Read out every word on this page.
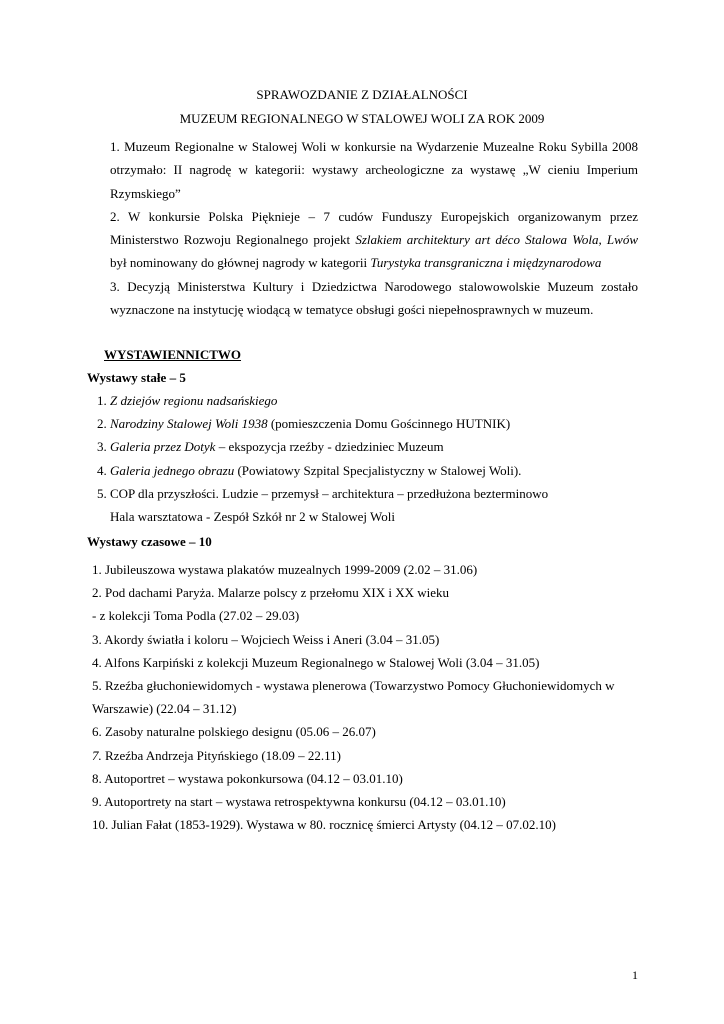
SPRAWOZDANIE Z DZIAŁALNOŚCI
MUZEUM REGIONALNEGO W STALOWEJ WOLI ZA ROK 2009

1. Muzeum Regionalne w Stalowej Woli w konkursie na Wydarzenie Muzealne Roku Sybilla 2008 otrzymało: II nagrodę w kategorii: wystawy archeologiczne za wystawę „W cieniu Imperium Rzymskiego”

2. W konkursie Polska Pięknieje – 7 cudów Funduszy Europejskich organizowanym przez Ministerstwo Rozwoju Regionalnego projekt Szlakiem architektury art déco Stalowa Wola, Lwów był nominowany do głównej nagrody w kategorii Turystyka transgraniczna i międzynarodowa

3. Decyzją Ministerstwa Kultury i Dziedzictwa Narodowego stalowowolskie Muzeum zostało wyznaczone na instytucję wiodącą w tematyce obsługi gości niepełnosprawnych w muzeum.

WYSTAWIENNICTWO
Wystawy stałe – 5
1. Z dziejów regionu nadsańskiego
2. Narodziny Stalowej Woli 1938 (pomieszczenia Domu Gościnnego HUTNIK)
3. Galeria przez Dotyk – ekspozycja rzeźby - dziedziniec Muzeum
4. Galeria jednego obrazu (Powiatowy Szpital Specjalistyczny w Stalowej Woli).
5. COP dla przyszłości. Ludzie – przemysł – architektura – przedłużona bezterminowo
Hala warsztatowa - Zespół Szkół nr 2 w Stalowej Woli
Wystawy czasowe – 10
1. Jubileuszowa wystawa plakatów muzealnych 1999-2009 (2.02 – 31.06)
2. Pod dachami Paryża. Malarze polscy z przełomu XIX i XX wieku
- z kolekcji Toma Podla (27.02 – 29.03)
3. Akordy światła i koloru – Wojciech Weiss i Aneri (3.04 – 31.05)
4. Alfons Karpiński z kolekcji Muzeum Regionalnego w Stalowej Woli (3.04 – 31.05)
5. Rzeźba głuchoniewidomych - wystawa plenerowa (Towarzystwo Pomocy Głuchoniewidomych w
Warszawie) (22.04 – 31.12)
6. Zasoby naturalne polskiego designu (05.06 – 26.07)
7. Rzeźba Andrzeja Pityńskiego (18.09 – 22.11)
8. Autoportret – wystawa pokonkursowa (04.12 – 03.01.10)
9. Autoportrety na start – wystawa retrospektywna konkursu (04.12 – 03.01.10)
10. Julian Fałat (1853-1929). Wystawa w 80. rocznicę śmierci Artysty (04.12 – 07.02.10)
1
